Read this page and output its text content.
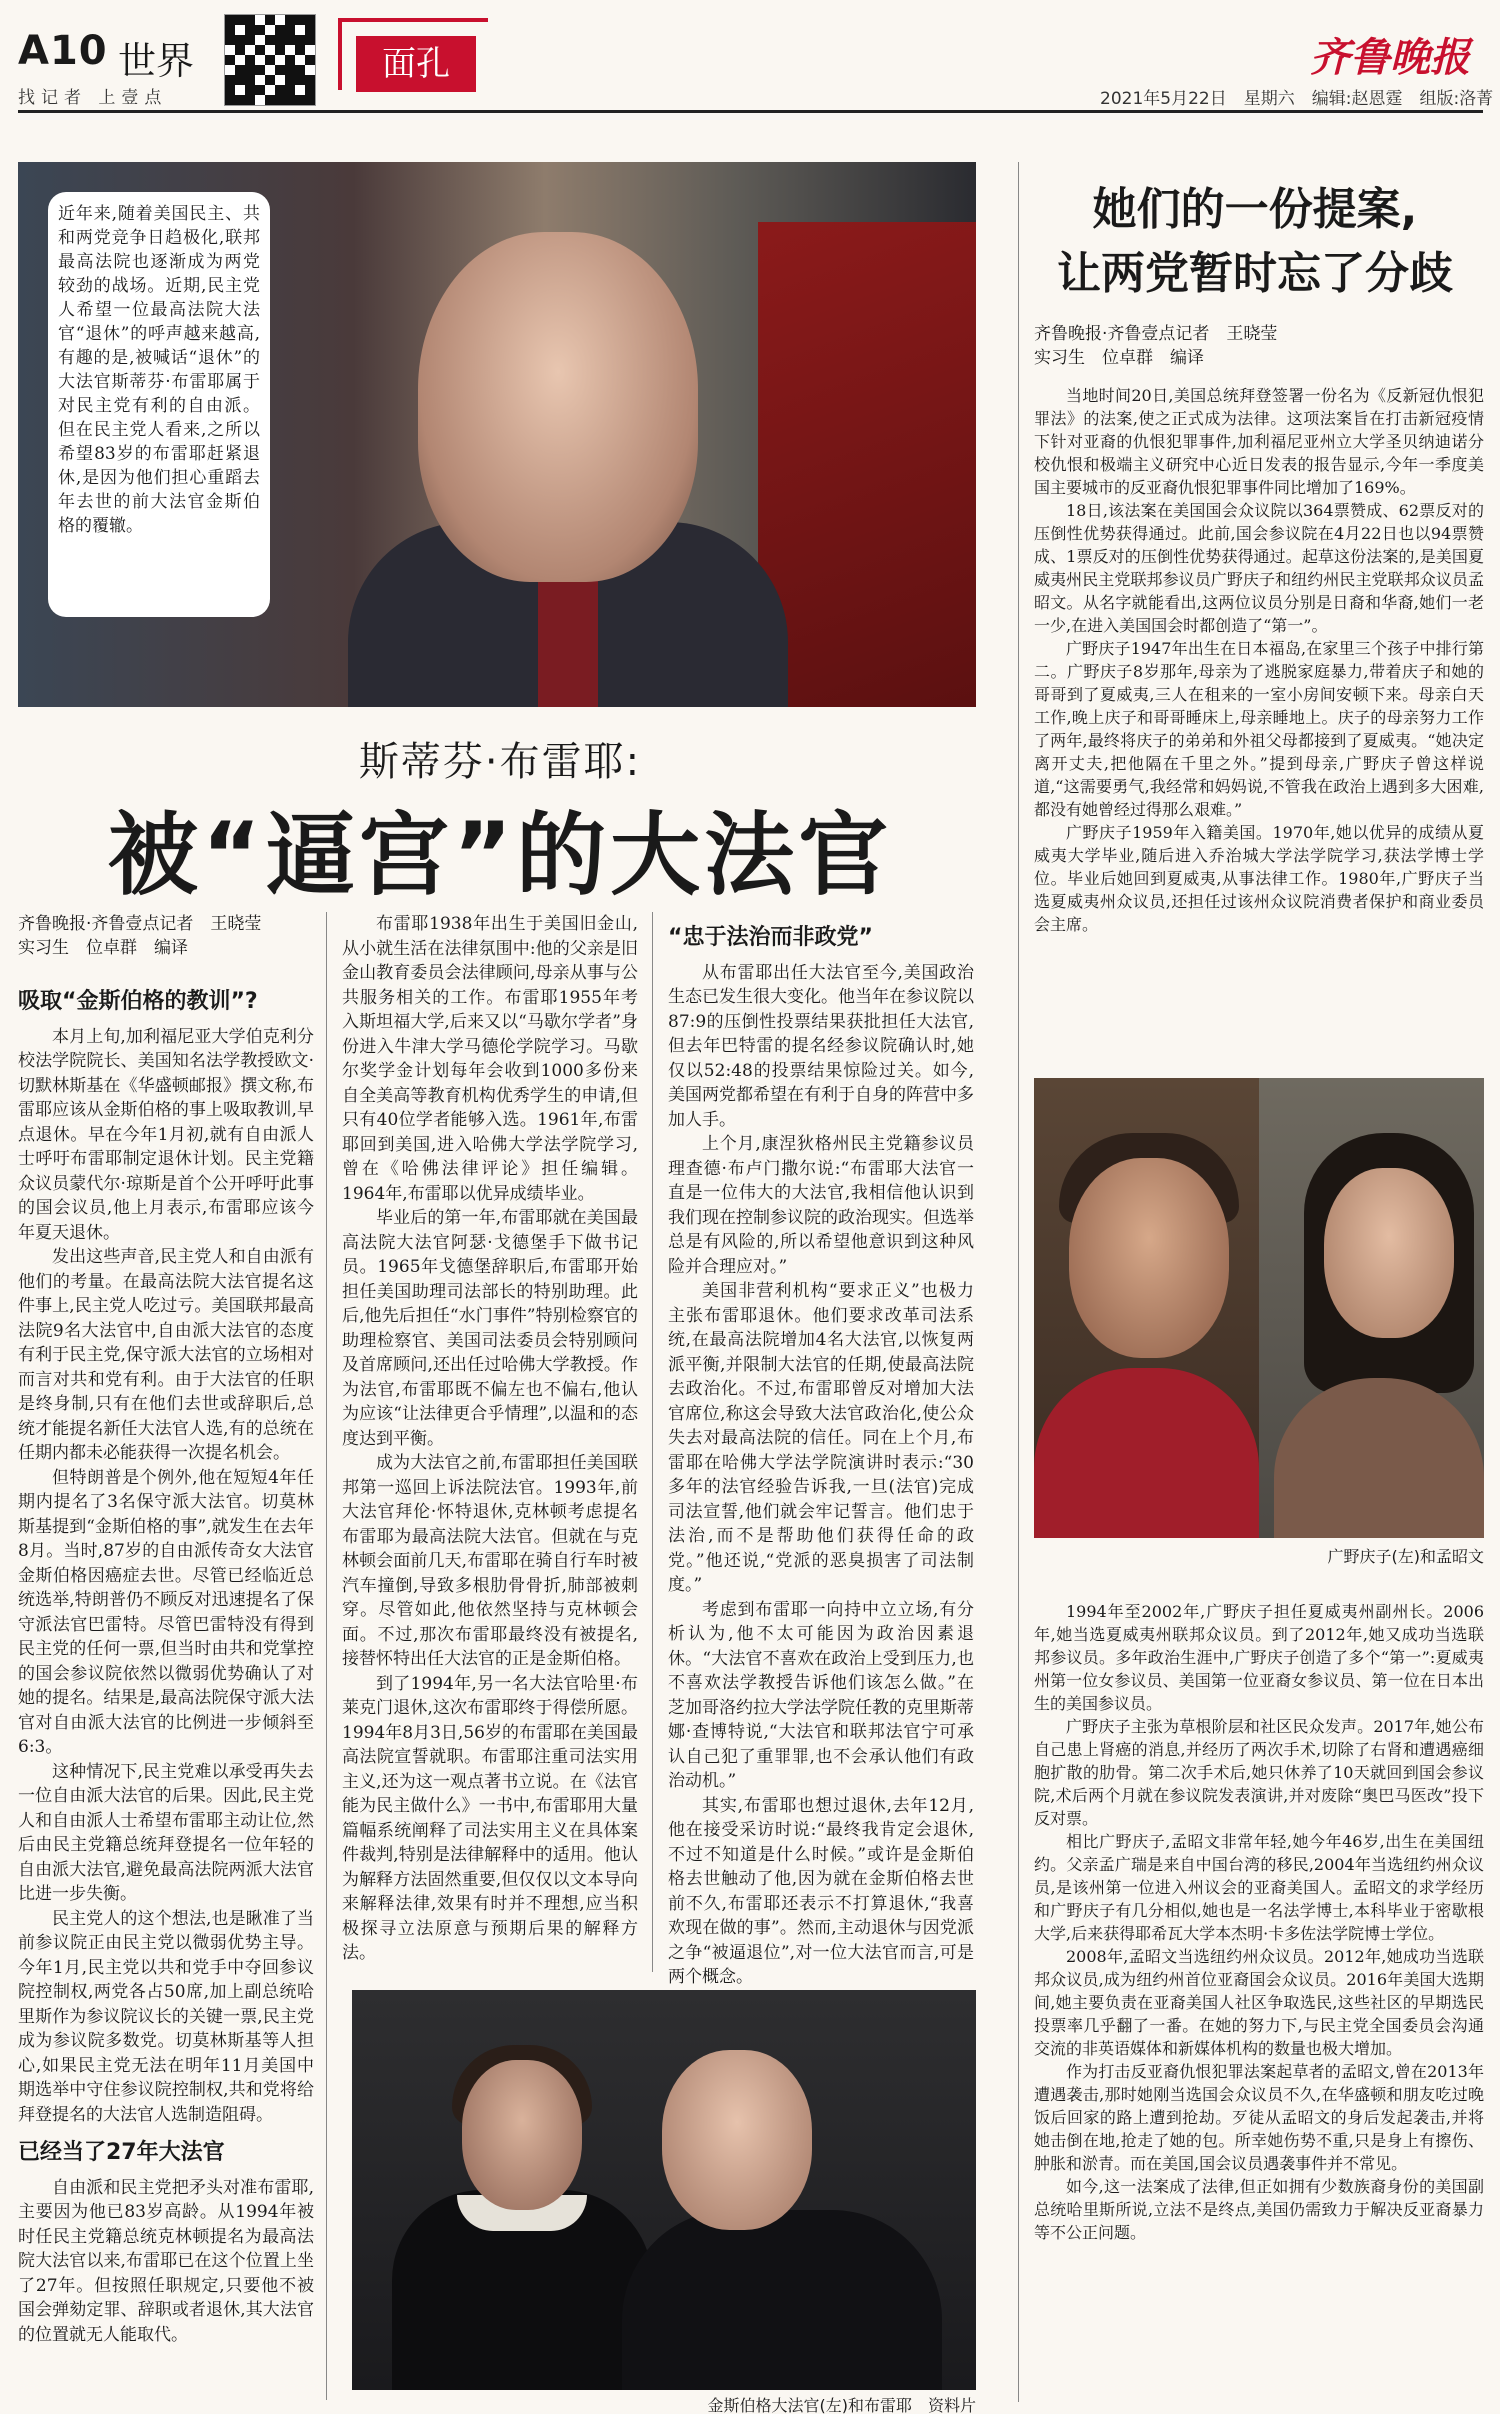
A10 世界
找记者 上壹点
面孔	齐鲁晚报
2021年5月22日　星期六　编辑:赵恩霆　组版:洛菁
近年来,随着美国民主、共和两党竞争日趋极化,联邦最高法院也逐渐成为两党较劲的战场。近期,民主党人希望一位最高法院大法官“退休”的呼声越来越高,有趣的是,被喊话“退休”的大法官斯蒂芬·布雷耶属于对民主党有利的自由派。但在民主党人看来,之所以希望83岁的布雷耶赶紧退休,是因为他们担心重蹈去年去世的前大法官金斯伯格的覆辙。
斯蒂芬·布雷耶:
被“逼宫”的大法官
齐鲁晚报·齐鲁壹点记者　王晓莹
实习生　位卓群　编译
吸取“金斯伯格的教训”?

本月上旬,加利福尼亚大学伯克利分校法学院院长、美国知名法学教授欧文·切默林斯基在《华盛顿邮报》撰文称,布雷耶应该从金斯伯格的事上吸取教训,早点退休。早在今年1月初,就有自由派人士呼吁布雷耶制定退休计划。民主党籍众议员蒙代尔·琼斯是首个公开呼吁此事的国会议员,他上月表示,布雷耶应该今年夏天退休。

发出这些声音,民主党人和自由派有他们的考量。在最高法院大法官提名这件事上,民主党人吃过亏。美国联邦最高法院9名大法官中,自由派大法官的态度有利于民主党,保守派大法官的立场相对而言对共和党有利。由于大法官的任职是终身制,只有在他们去世或辞职后,总统才能提名新任大法官人选,有的总统在任期内都未必能获得一次提名机会。

但特朗普是个例外,他在短短4年任期内提名了3名保守派大法官。切莫林斯基提到“金斯伯格的事”,就发生在去年8月。当时,87岁的自由派传奇女大法官金斯伯格因癌症去世。尽管已经临近总统选举,特朗普仍不顾反对迅速提名了保守派法官巴雷特。尽管巴雷特没有得到民主党的任何一票,但当时由共和党掌控的国会参议院依然以微弱优势确认了对她的提名。结果是,最高法院保守派大法官对自由派大法官的比例进一步倾斜至6:3。

这种情况下,民主党难以承受再失去一位自由派大法官的后果。因此,民主党人和自由派人士希望布雷耶主动让位,然后由民主党籍总统拜登提名一位年轻的自由派大法官,避免最高法院两派大法官比进一步失衡。

民主党人的这个想法,也是瞅准了当前参议院正由民主党以微弱优势主导。今年1月,民主党以共和党手中夺回参议院控制权,两党各占50席,加上副总统哈里斯作为参议院议长的关键一票,民主党成为参议院多数党。切莫林斯基等人担心,如果民主党无法在明年11月美国中期选举中守住参议院控制权,共和党将给拜登提名的大法官人选制造阻碍。

已经当了27年大法官

自由派和民主党把矛头对准布雷耶,主要因为他已83岁高龄。从1994年被时任民主党籍总统克林顿提名为最高法院大法官以来,布雷耶已在这个位置上坐了27年。但按照任职规定,只要他不被国会弹劾定罪、辞职或者退休,其大法官的位置就无人能取代。

布雷耶1938年出生于美国旧金山,从小就生活在法律氛围中:他的父亲是旧金山教育委员会法律顾问,母亲从事与公共服务相关的工作。布雷耶1955年考入斯坦福大学,后来又以“马歇尔学者”身份进入牛津大学马德伦学院学习。马歇尔奖学金计划每年会收到1000多份来自全美高等教育机构优秀学生的申请,但只有40位学者能够入选。1961年,布雷耶回到美国,进入哈佛大学法学院学习,曾在《哈佛法律评论》担任编辑。1964年,布雷耶以优异成绩毕业。

毕业后的第一年,布雷耶就在美国最高法院大法官阿瑟·戈德堡手下做书记员。1965年戈德堡辞职后,布雷耶开始担任美国助理司法部长的特别助理。此后,他先后担任“水门事件”特别检察官的助理检察官、美国司法委员会特别顾问及首席顾问,还出任过哈佛大学教授。作为法官,布雷耶既不偏左也不偏右,他认为应该“让法律更合乎情理”,以温和的态度达到平衡。

成为大法官之前,布雷耶担任美国联邦第一巡回上诉法院法官。1993年,前大法官拜伦·怀特退休,克林顿考虑提名布雷耶为最高法院大法官。但就在与克林顿会面前几天,布雷耶在骑自行车时被汽车撞倒,导致多根肋骨骨折,肺部被刺穿。尽管如此,他依然坚持与克林顿会面。不过,那次布雷耶最终没有被提名,接替怀特出任大法官的正是金斯伯格。

到了1994年,另一名大法官哈里·布莱克门退休,这次布雷耶终于得偿所愿。1994年8月3日,56岁的布雷耶在美国最高法院宣誓就职。布雷耶注重司法实用主义,还为这一观点著书立说。在《法官能为民主做什么》一书中,布雷耶用大量篇幅系统阐释了司法实用主义在具体案件裁判,特别是法律解释中的适用。他认为解释方法固然重要,但仅仅以文本导向来解释法律,效果有时并不理想,应当积极探寻立法原意与预期后果的解释方法。

“忠于法治而非政党”

从布雷耶出任大法官至今,美国政治生态已发生很大变化。他当年在参议院以87:9的压倒性投票结果获批担任大法官,但去年巴特雷的提名经参议院确认时,她仅以52:48的投票结果惊险过关。如今,美国两党都希望在有利于自身的阵营中多加人手。

上个月,康涅狄格州民主党籍参议员理查德·布卢门撒尔说:“布雷耶大法官一直是一位伟大的大法官,我相信他认识到我们现在控制参议院的政治现实。但选举总是有风险的,所以希望他意识到这种风险并合理应对。”

美国非营利机构“要求正义”也极力主张布雷耶退休。他们要求改革司法系统,在最高法院增加4名大法官,以恢复两派平衡,并限制大法官的任期,使最高法院去政治化。不过,布雷耶曾反对增加大法官席位,称这会导致大法官政治化,使公众失去对最高法院的信任。同在上个月,布雷耶在哈佛大学法学院演讲时表示:“30多年的法官经验告诉我,一旦(法官)完成司法宣誓,他们就会牢记誓言。他们忠于法治,而不是帮助他们获得任命的政党。”他还说,“党派的恶臭损害了司法制度。”

考虑到布雷耶一向持中立立场,有分析认为,他不太可能因为政治因素退休。“大法官不喜欢在政治上受到压力,也不喜欢法学教授告诉他们该怎么做。”在芝加哥洛约拉大学法学院任教的克里斯蒂娜·查博特说,“大法官和联邦法官宁可承认自己犯了重罪罪,也不会承认他们有政治动机。”

其实,布雷耶也想过退休,去年12月,他在接受采访时说:“最终我肯定会退休,不过不知道是什么时候。”或许是金斯伯格去世触动了他,因为就在金斯伯格去世前不久,布雷耶还表示不打算退休,“我喜欢现在做的事”。然而,主动退休与因党派之争“被逼退位”,对一位大法官而言,可是两个概念。

金斯伯格大法官(左)和布雷耶　资料片
她们的一份提案,
让两党暂时忘了分歧
齐鲁晚报·齐鲁壹点记者　王晓莹
实习生　位卓群　编译

当地时间20日,美国总统拜登签署一份名为《反新冠仇恨犯罪法》的法案,使之正式成为法律。这项法案旨在打击新冠疫情下针对亚裔的仇恨犯罪事件,加利福尼亚州立大学圣贝纳迪诺分校仇恨和极端主义研究中心近日发表的报告显示,今年一季度美国主要城市的反亚裔仇恨犯罪事件同比增加了169%。

18日,该法案在美国国会众议院以364票赞成、62票反对的压倒性优势获得通过。此前,国会参议院在4月22日也以94票赞成、1票反对的压倒性优势获得通过。起草这份法案的,是美国夏威夷州民主党联邦参议员广野庆子和纽约州民主党联邦众议员孟昭文。从名字就能看出,这两位议员分别是日裔和华裔,她们一老一少,在进入美国国会时都创造了“第一”。

广野庆子1947年出生在日本福岛,在家里三个孩子中排行第二。广野庆子8岁那年,母亲为了逃脱家庭暴力,带着庆子和她的哥哥到了夏威夷,三人在租来的一室小房间安顿下来。母亲白天工作,晚上庆子和哥哥睡床上,母亲睡地上。庆子的母亲努力工作了两年,最终将庆子的弟弟和外祖父母都接到了夏威夷。“她决定离开丈夫,把他隔在千里之外。”提到母亲,广野庆子曾这样说道,“这需要勇气,我经常和妈妈说,不管我在政治上遇到多大困难,都没有她曾经过得那么艰难。”

广野庆子1959年入籍美国。1970年,她以优异的成绩从夏威夷大学毕业,随后进入乔治城大学法学院学习,获法学博士学位。毕业后她回到夏威夷,从事法律工作。1980年,广野庆子当选夏威夷州众议员,还担任过该州众议院消费者保护和商业委员会主席。

广野庆子(左)和孟昭文

1994年至2002年,广野庆子担任夏威夷州副州长。2006年,她当选夏威夷州联邦众议员。到了2012年,她又成功当选联邦参议员。多年政治生涯中,广野庆子创造了多个“第一”:夏威夷州第一位女参议员、美国第一位亚裔女参议员、第一位在日本出生的美国参议员。

广野庆子主张为草根阶层和社区民众发声。2017年,她公布自己患上肾癌的消息,并经历了两次手术,切除了右肾和遭遇癌细胞扩散的肋骨。第二次手术后,她只休养了10天就回到国会参议院,术后两个月就在参议院发表演讲,并对废除“奥巴马医改”投下反对票。

相比广野庆子,孟昭文非常年轻,她今年46岁,出生在美国纽约。父亲孟广瑞是来自中国台湾的移民,2004年当选纽约州众议员,是该州第一位进入州议会的亚裔美国人。孟昭文的求学经历和广野庆子有几分相似,她也是一名法学博士,本科毕业于密歇根大学,后来获得耶希瓦大学本杰明·卡多佐法学院博士学位。

2008年,孟昭文当选纽约州众议员。2012年,她成功当选联邦众议员,成为纽约州首位亚裔国会众议员。2016年美国大选期间,她主要负责在亚裔美国人社区争取选民,这些社区的早期选民投票率几乎翻了一番。在她的努力下,与民主党全国委员会沟通交流的非英语媒体和新媒体机构的数量也极大增加。

作为打击反亚裔仇恨犯罪法案起草者的孟昭文,曾在2013年遭遇袭击,那时她刚当选国会众议员不久,在华盛顿和朋友吃过晚饭后回家的路上遭到抢劫。歹徒从孟昭文的身后发起袭击,并将她击倒在地,抢走了她的包。所幸她伤势不重,只是身上有擦伤、肿胀和淤青。而在美国,国会议员遇袭事件并不常见。

如今,这一法案成了法律,但正如拥有少数族裔身份的美国副总统哈里斯所说,立法不是终点,美国仍需致力于解决反亚裔暴力等不公正问题。
